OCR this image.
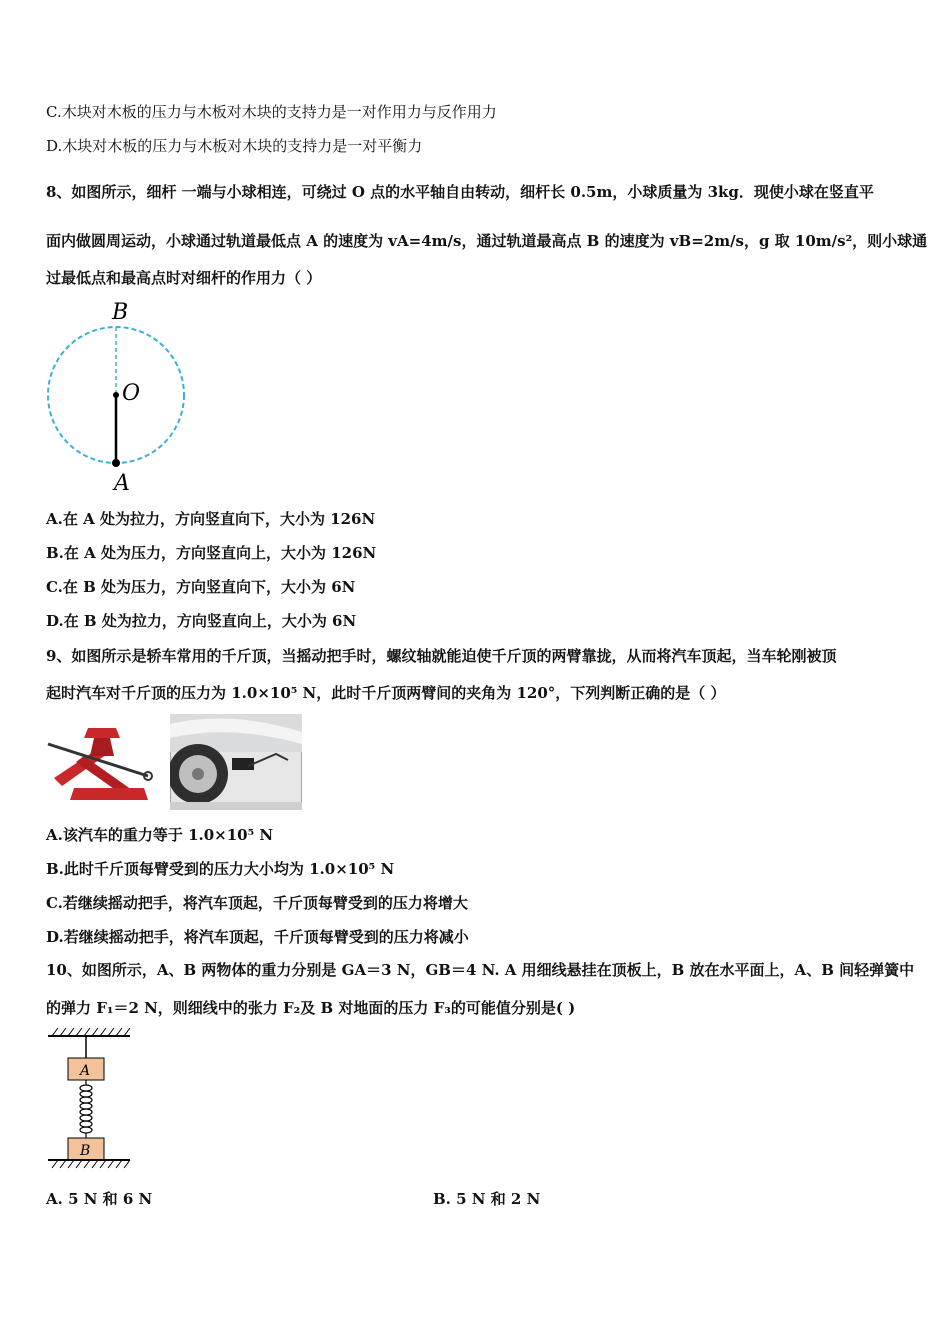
C.木块对木板的压力与木板对木块的支持力是一对作用力与反作用力
D.木块对木板的压力与木板对木块的支持力是一对平衡力
8、如图所示，细杆 一端与小球相连，可绕过 O 点的水平轴自由转动，细杆长 0.5m，小球质量为 3kg．现使小球在竖直平
面内做圆周运动，小球通过轨道最低点 A 的速度为 vA=4m/s，通过轨道最高点 B 的速度为 vB=2m/s，g 取 10m/s²，则小球通
过最低点和最高点时对细杆的作用力（ ）
B
O
A
A.在 A 处为拉力，方向竖直向下，大小为 126N
B.在 A 处为压力，方向竖直向上，大小为 126N
C.在 B 处为压力，方向竖直向下，大小为 6N
D.在 B 处为拉力，方向竖直向上，大小为 6N
9、如图所示是轿车常用的千斤顶，当摇动把手时，螺纹轴就能迫使千斤顶的两臂靠拢，从而将汽车顶起，当车轮刚被顶
起时汽车对千斤顶的压力为 1.0×10⁵ N，此时千斤顶两臂间的夹角为 120°，下列判断正确的是（ ）
A.该汽车的重力等于 1.0×10⁵ N
B.此时千斤顶每臂受到的压力大小均为 1.0×10⁵ N
C.若继续摇动把手，将汽车顶起，千斤顶每臂受到的压力将增大
D.若继续摇动把手，将汽车顶起，千斤顶每臂受到的压力将减小
10、如图所示，A、B 两物体的重力分别是 GA＝3 N，GB＝4 N. A 用细线悬挂在顶板上，B 放在水平面上，A、B 间轻弹簧中
的弹力 F₁＝2 N，则细线中的张力 F₂及 B 对地面的压力 F₃的可能值分别是( )
A
B
A. 5 N 和 6 N	B. 5 N 和 2 N
